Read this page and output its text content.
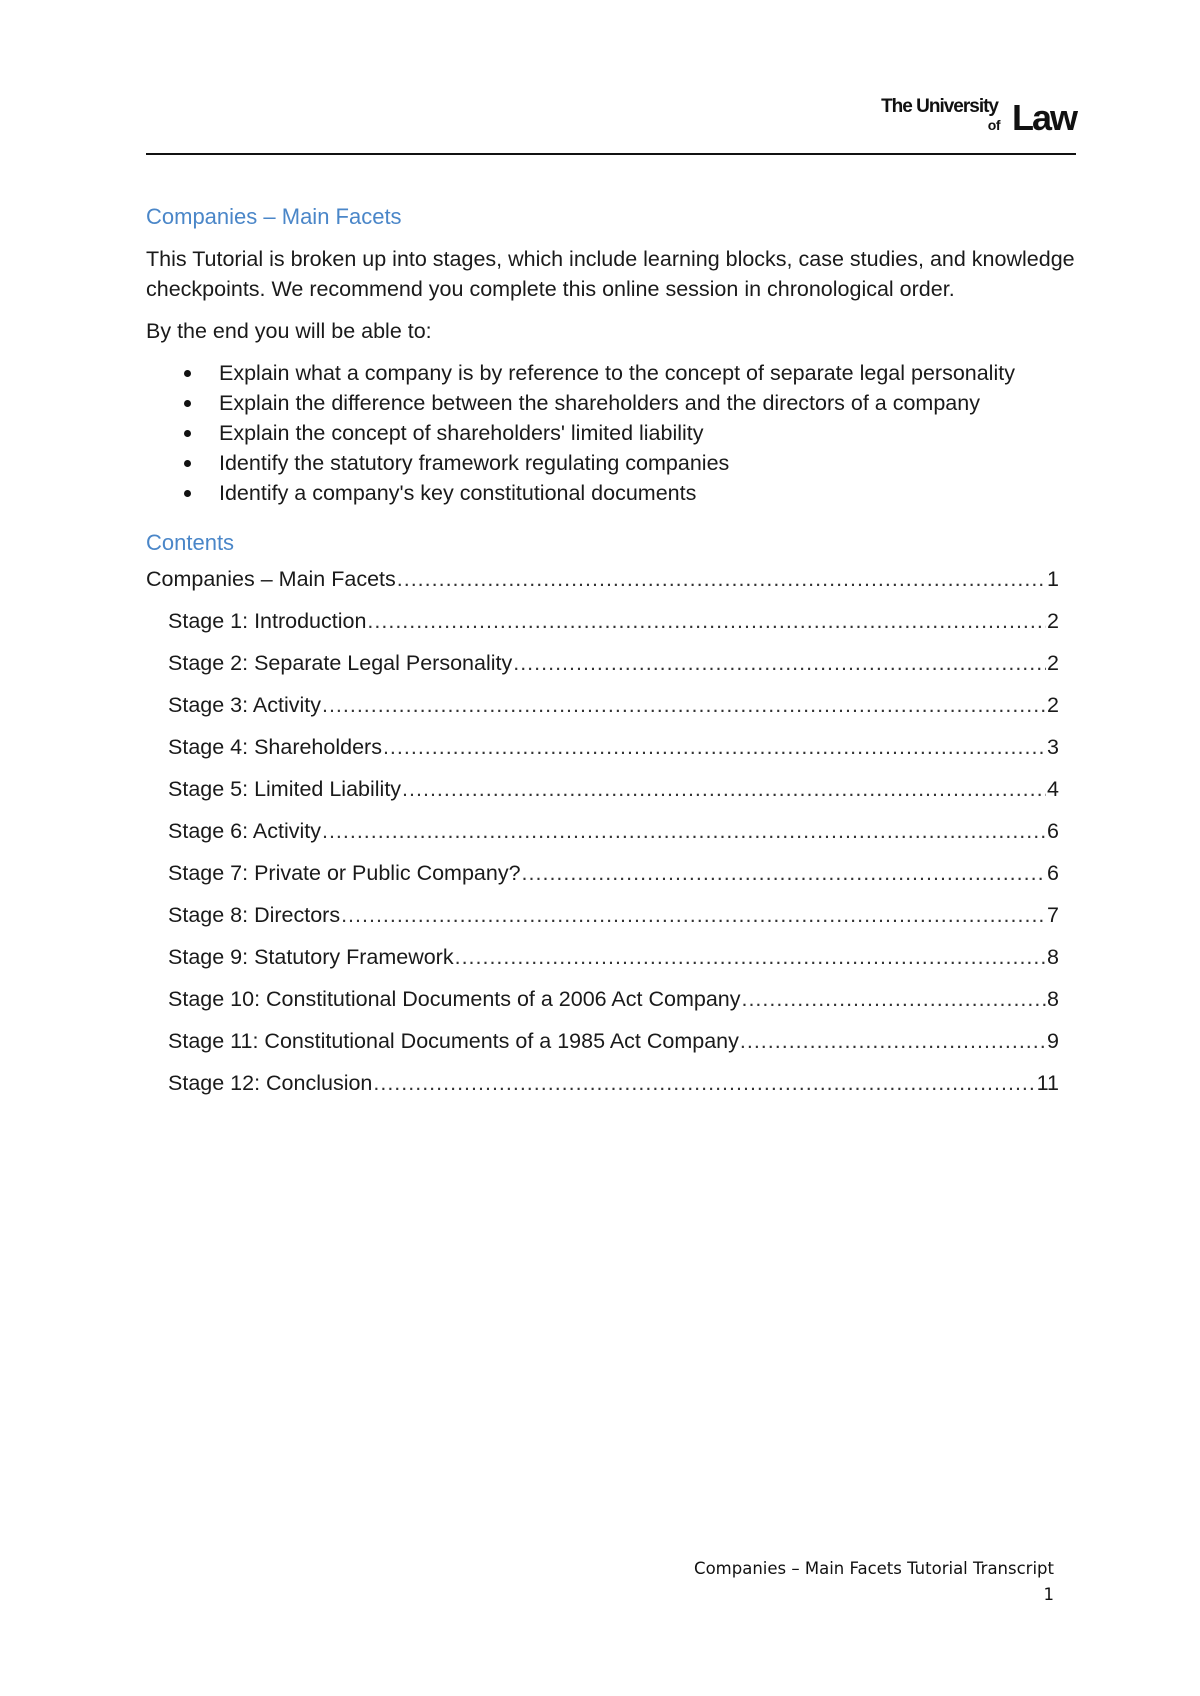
The University
of Law
Companies – Main Facets

This Tutorial is broken up into stages, which include learning blocks, case studies, and knowledge checkpoints. We recommend you complete this online session in chronological order.

By the end you will be able to:

Explain what a company is by reference to the concept of separate legal personality
Explain the difference between the shareholders and the directors of a company
Explain the concept of shareholders' limited liability
Identify the statutory framework regulating companies
Identify a company's key constitutional documents
Contents
Companies – Main Facets .....	1
Stage 1: Introduction .....	2
Stage 2: Separate Legal Personality .....	2
Stage 3: Activity .....	2
Stage 4: Shareholders .....	3
Stage 5: Limited Liability .....	4
Stage 6: Activity .....	6
Stage 7: Private or Public Company? .....	6
Stage 8: Directors .....	7
Stage 9: Statutory Framework .....	8
Stage 10: Constitutional Documents of a 2006 Act Company .....	8
Stage 11: Constitutional Documents of a 1985 Act Company .....	9
Stage 12: Conclusion .....	11
Companies – Main Facets Tutorial Transcript
1
